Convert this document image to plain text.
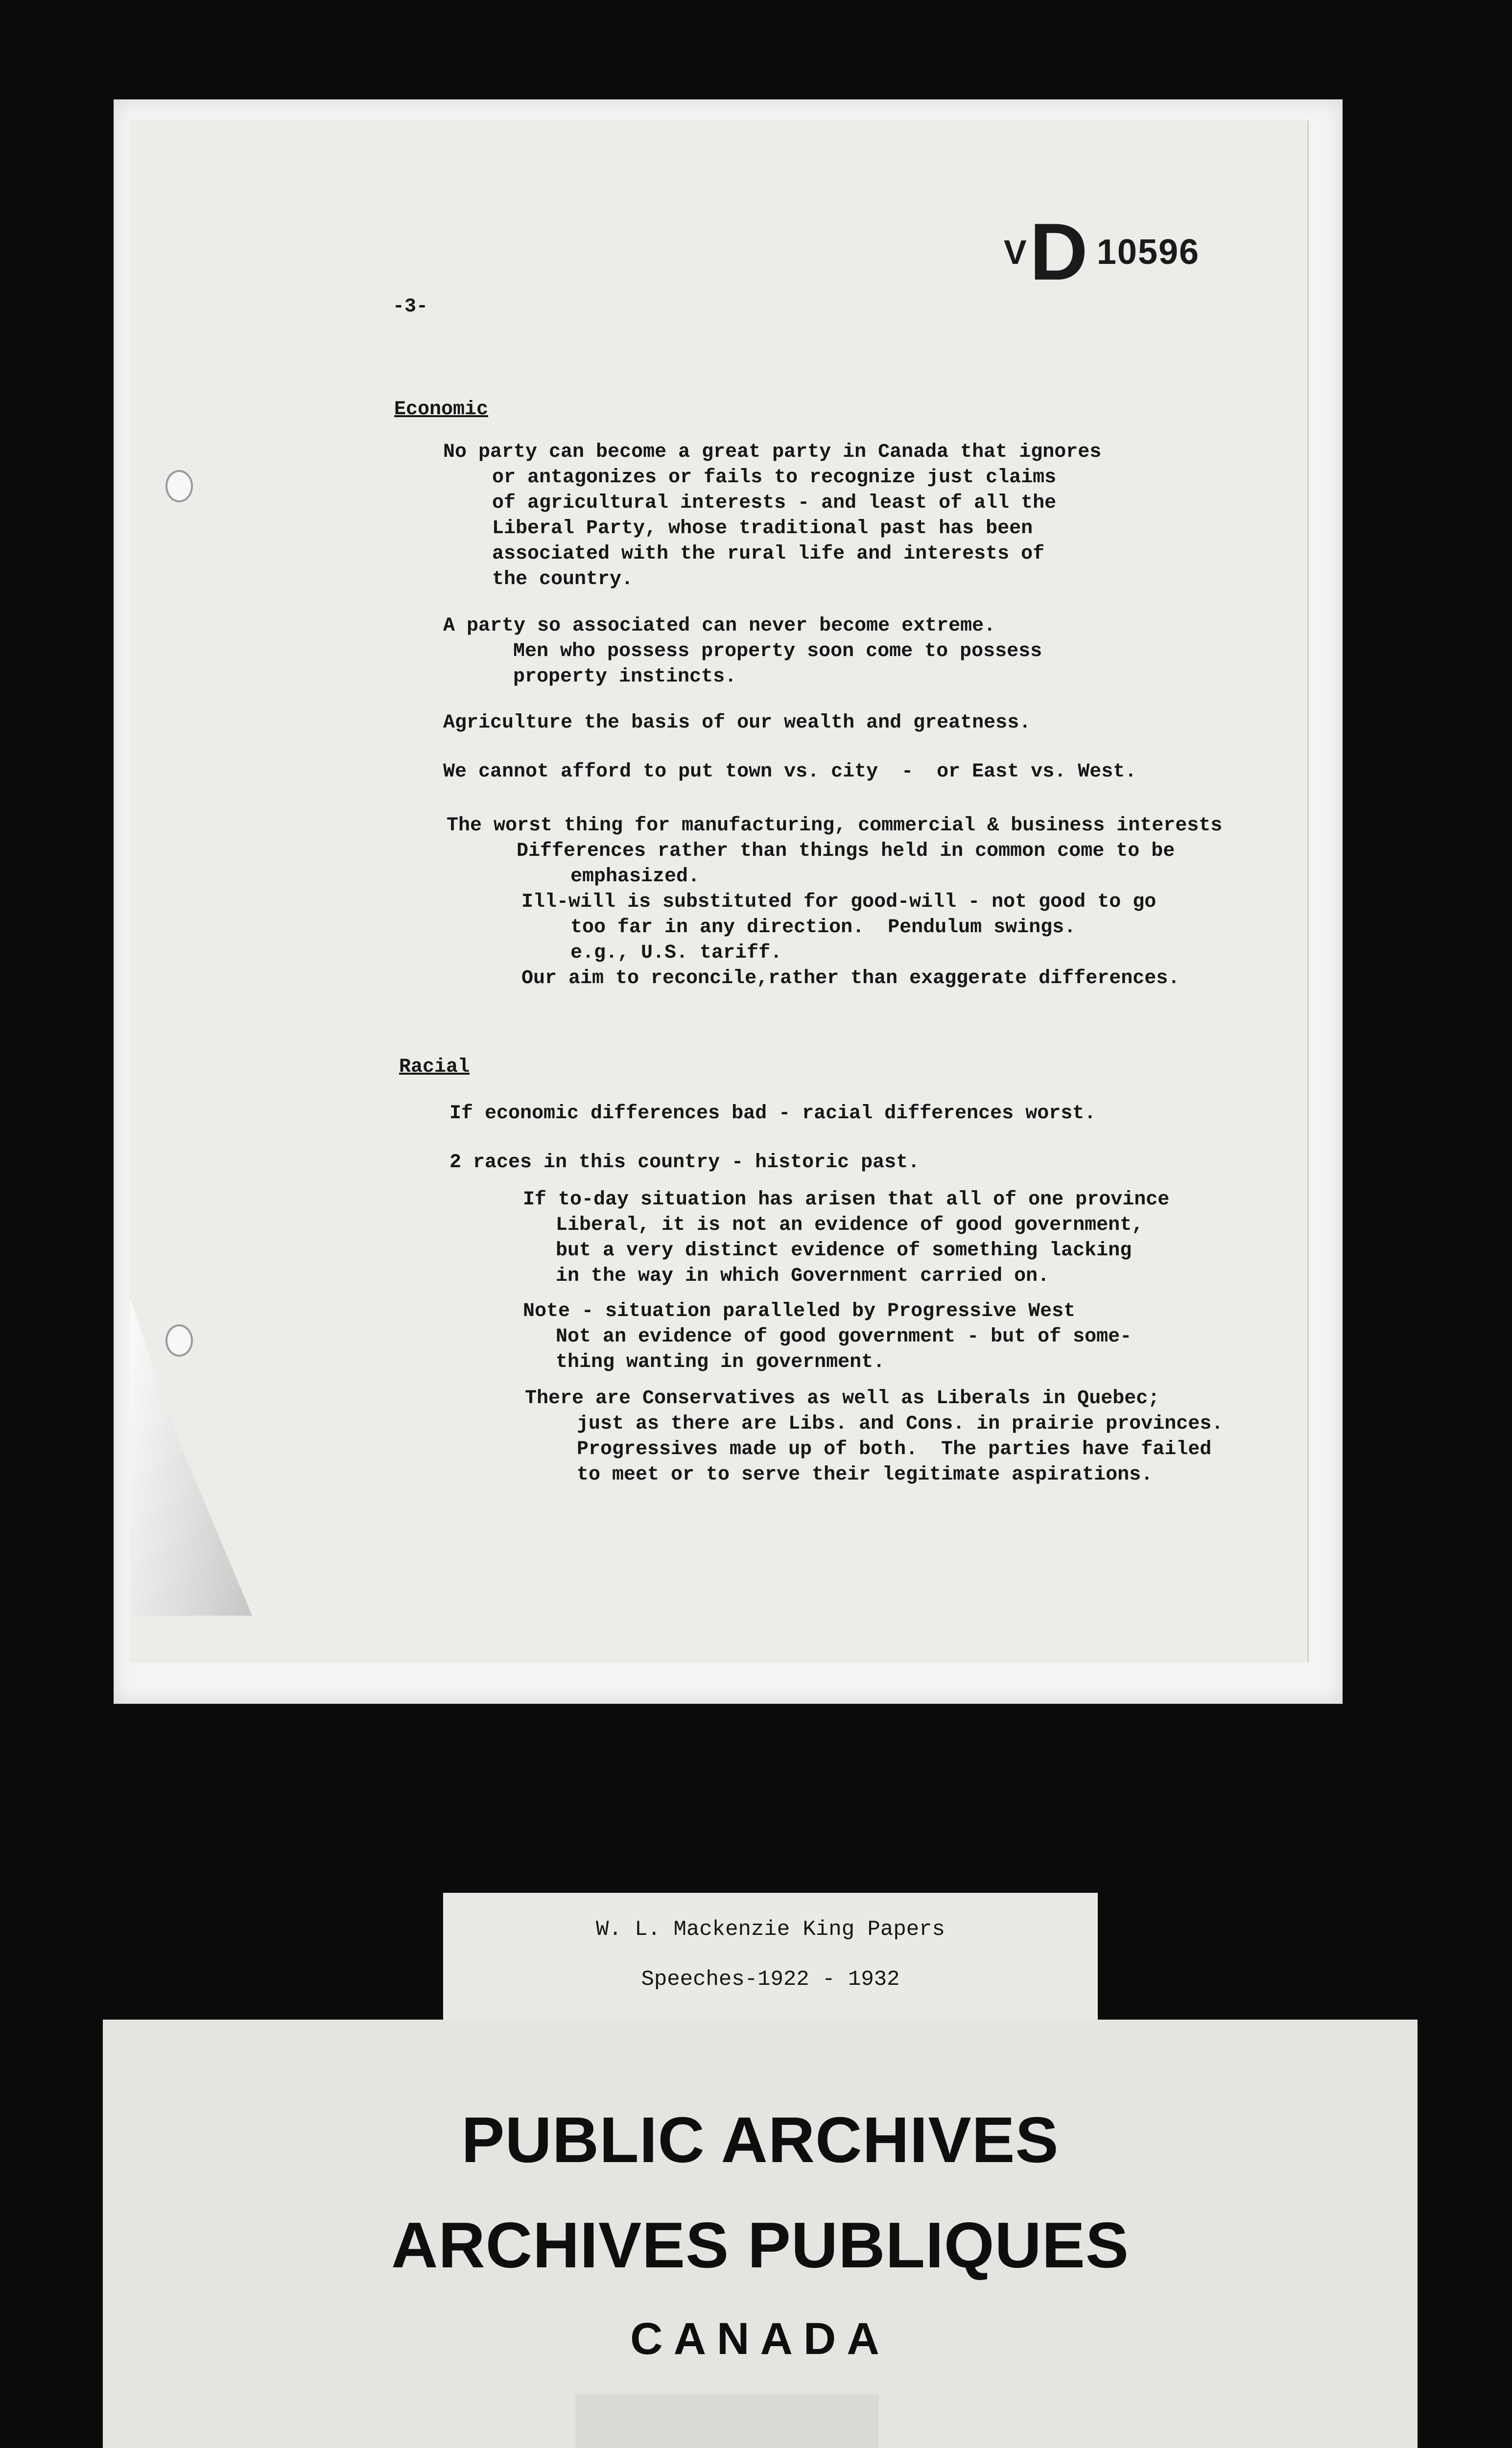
VD 10596
-3-
Economic
No party can become a great party in Canada that ignores
or antagonizes or fails to recognize just claims
of agricultural interests - and least of all the
Liberal Party, whose traditional past has been
associated with the rural life and interests of
the country.
A party so associated can never become extreme.
Men who possess property soon come to possess
property instincts.
Agriculture the basis of our wealth and greatness.
We cannot afford to put town vs. city  -  or East vs. West.
The worst thing for manufacturing, commercial & business interests
Differences rather than things held in common come to be
emphasized.
Ill-will is substituted for good-will - not good to go
too far in any direction.  Pendulum swings.
e.g., U.S. tariff.
Our aim to reconcile,rather than exaggerate differences.
Racial
If economic differences bad - racial differences worst.
2 races in this country - historic past.
If to-day situation has arisen that all of one province
Liberal, it is not an evidence of good government,
but a very distinct evidence of something lacking
in the way in which Government carried on.
Note - situation paralleled by Progressive West
Not an evidence of good government - but of some-
thing wanting in government.
There are Conservatives as well as Liberals in Quebec;
just as there are Libs. and Cons. in prairie provinces.
Progressives made up of both.  The parties have failed
to meet or to serve their legitimate aspirations.
W. L. Mackenzie King Papers
Speeches-1922 - 1932
PUBLIC ARCHIVES
ARCHIVES PUBLIQUES
CANADA
